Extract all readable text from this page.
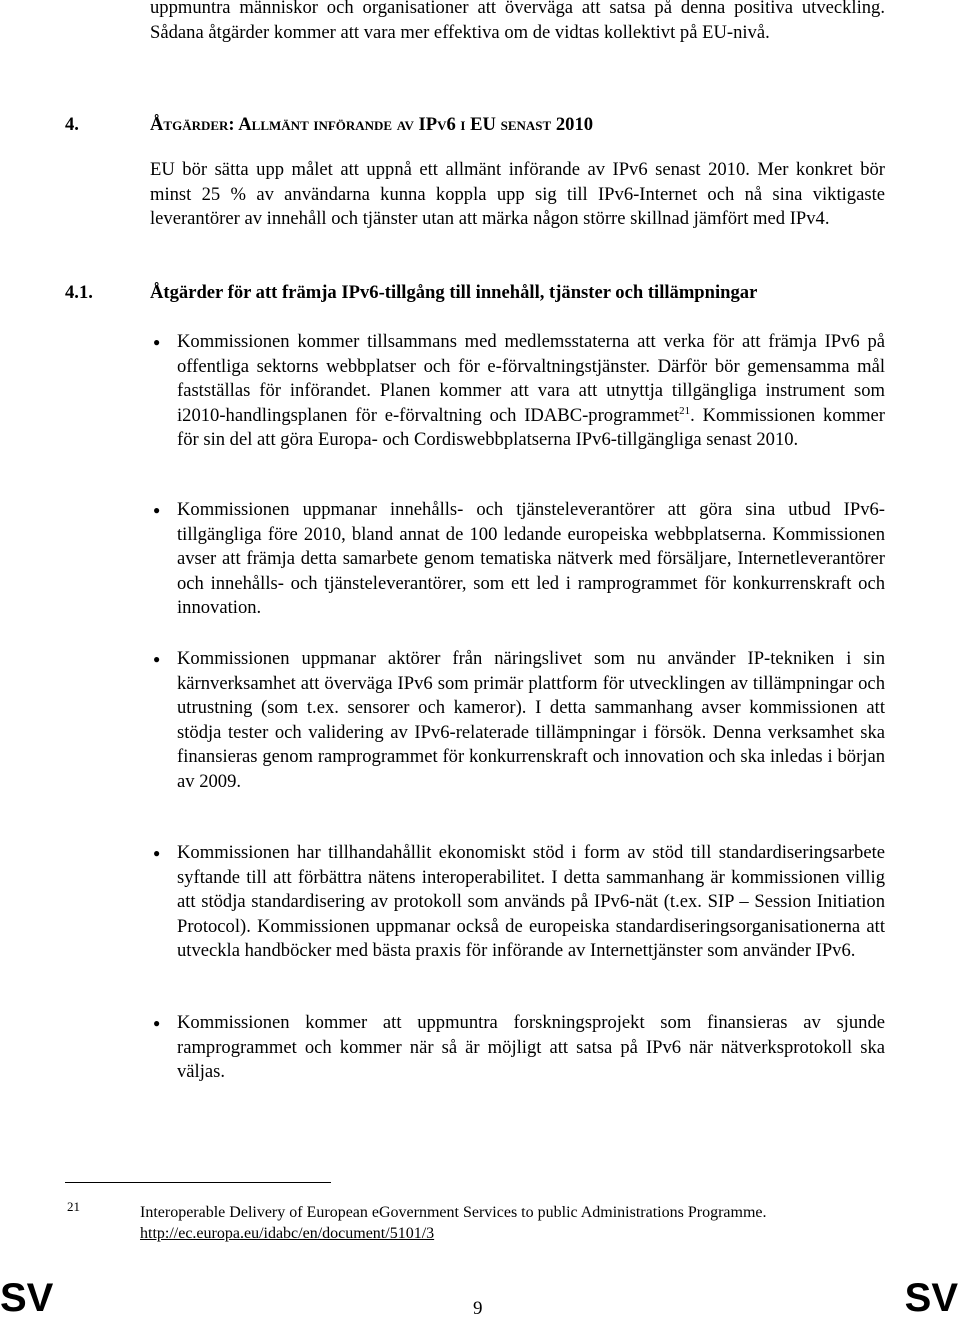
uppmuntra människor och organisationer att överväga att satsa på denna positiva utveckling. Sådana åtgärder kommer att vara mer effektiva om de vidtas kollektivt på EU-nivå.
4.	Åtgärder: Allmänt införande av IPv6 i EU senast 2010
EU bör sätta upp målet att uppnå ett allmänt införande av IPv6 senast 2010. Mer konkret bör minst 25 % av användarna kunna koppla upp sig till IPv6-Internet och nå sina viktigaste leverantörer av innehåll och tjänster utan att märka någon större skillnad jämfört med IPv4.
4.1.	Åtgärder för att främja IPv6-tillgång till innehåll, tjänster och tillämpningar
● Kommissionen kommer tillsammans med medlemsstaterna att verka för att främja IPv6 på offentliga sektorns webbplatser och för e-förvaltningstjänster. Därför bör gemensamma mål fastställas för införandet. Planen kommer att vara att utnyttja tillgängliga instrument som i2010-handlingsplanen för e-förvaltning och IDABC-programmet$^{21}$. Kommissionen kommer för sin del att göra Europa- och Cordiswebbplatserna IPv6-tillgängliga senast 2010.
● Kommissionen uppmanar innehålls- och tjänsteleverantörer att göra sina utbud IPv6-tillgängliga före 2010, bland annat de 100 ledande europeiska webbplatserna. Kommissionen avser att främja detta samarbete genom tematiska nätverk med försäljare, Internetleverantörer och innehålls- och tjänsteleverantörer, som ett led i ramprogrammet för konkurrenskraft och innovation.
● Kommissionen uppmanar aktörer från näringslivet som nu använder IP-tekniken i sin kärnverksamhet att överväga IPv6 som primär plattform för utvecklingen av tillämpningar och utrustning (som t.ex. sensorer och kameror). I detta sammanhang avser kommissionen att stödja tester och validering av IPv6-relaterade tillämpningar i försök. Denna verksamhet ska finansieras genom ramprogrammet för konkurrenskraft och innovation och ska inledas i början av 2009.
● Kommissionen har tillhandahållit ekonomiskt stöd i form av stöd till standardiseringsarbete syftande till att förbättra nätens interoperabilitet. I detta sammanhang är kommissionen villig att stödja standardisering av protokoll som används på IPv6-nät (t.ex. SIP – Session Initiation Protocol). Kommissionen uppmanar också de europeiska standardiseringsorganisationerna att utveckla handböcker med bästa praxis för införande av Internettjänster som använder IPv6.
● Kommissionen kommer att uppmuntra forskningsprojekt som finansieras av sjunde ramprogrammet och kommer när så är möjligt att satsa på IPv6 när nätverksprotokoll ska väljas.
21	Interoperable Delivery of European eGovernment Services to public Administrations Programme.
http://ec.europa.eu/idabc/en/document/5101/3
SV	9	SV
